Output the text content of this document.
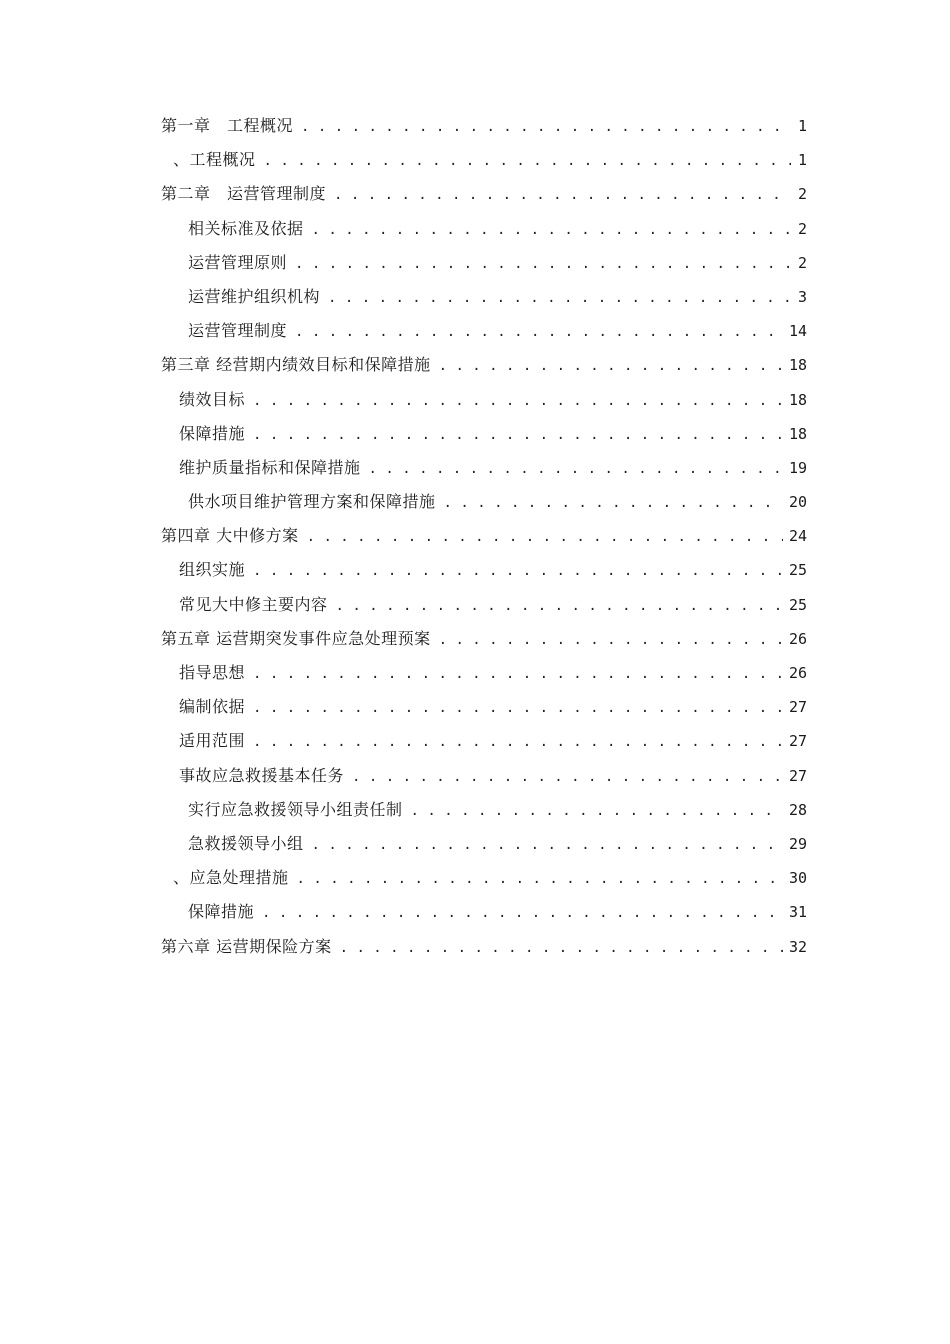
第一章　工程概况 . . .	1
、工程概况 . . .	1
第二章　运营管理制度 . . .	2
相关标准及依据 . . .	2
运营管理原则 . . .	2
运营维护组织机构 . . .	3
运营管理制度 . . .	14
第三章 经营期内绩效目标和保障措施 . . .	18
绩效目标 . . .	18
保障措施 . . .	18
维护质量指标和保障措施 . . .	19
供水项目维护管理方案和保障措施 . . .	20
第四章 大中修方案 . . .	24
组织实施 . . .	25
常见大中修主要内容 . . .	25
第五章 运营期突发事件应急处理预案 . . .	26
指导思想 . . .	26
编制依据 . . .	27
适用范围 . . .	27
事故应急救援基本任务 . . .	27
实行应急救援领导小组责任制 . . .	28
急救援领导小组 . . .	29
、应急处理措施 . . .	30
保障措施 . . .	31
第六章 运营期保险方案 . . .	32
